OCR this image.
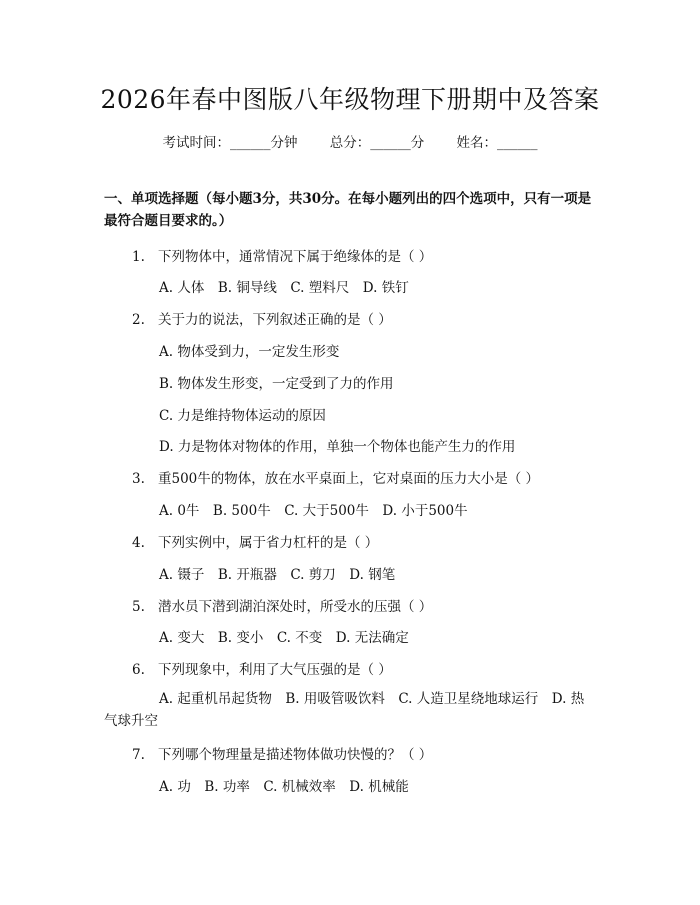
2026年春中图版八年级物理下册期中及答案
考试时间：______分钟 总分：______分 姓名：______
一、单项选择题（每小题3分，共30分。在每小题列出的四个选项中，只有一项是最符合题目要求的。）
1. 下列物体中，通常情况下属于绝缘体的是（ ）
A. 人体　B. 铜导线　C. 塑料尺　D. 铁钉
2. 关于力的说法，下列叙述正确的是（ ）
A. 物体受到力，一定发生形变
B. 物体发生形变，一定受到了力的作用
C. 力是维持物体运动的原因
D. 力是物体对物体的作用，单独一个物体也能产生力的作用
3. 重500牛的物体，放在水平桌面上，它对桌面的压力大小是（ ）
A. 0牛　B. 500牛　C. 大于500牛　D. 小于500牛
4. 下列实例中，属于省力杠杆的是（ ）
A. 镊子　B. 开瓶器　C. 剪刀　D. 钢笔
5. 潜水员下潜到湖泊深处时，所受水的压强（ ）
A. 变大　B. 变小　C. 不变　D. 无法确定
6. 下列现象中，利用了大气压强的是（ ）
A. 起重机吊起货物　B. 用吸管吸饮料　C. 人造卫星绕地球运行　D. 热气球升空
7. 下列哪个物理量是描述物体做功快慢的？（ ）
A. 功　B. 功率　C. 机械效率　D. 机械能
